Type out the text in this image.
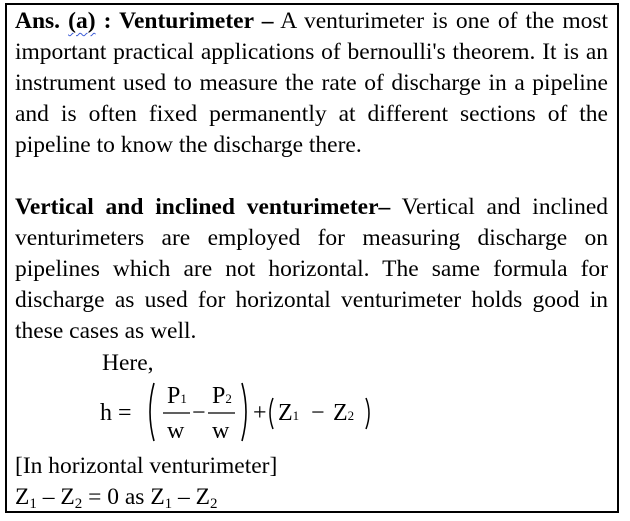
Ans. (a) : Venturimeter – A venturimeter is one of the most important practical applications of bernoulli's theorem. It is an instrument used to measure the rate of discharge in a pipeline and is often fixed permanently at different sections of the pipeline to know the discharge there.

Vertical and inclined venturimeter– Vertical and inclined venturimeters are employed for measuring discharge on pipelines which are not horizontal. The same formula for discharge as used for horizontal venturimeter holds good in these cases as well.

Here,
h =
P1
w
−
P2
w
+ Z1 − Z2
[In horizontal venturimeter]
$Z_1 - Z_2 = 0$ as $Z_1 - Z_2$
